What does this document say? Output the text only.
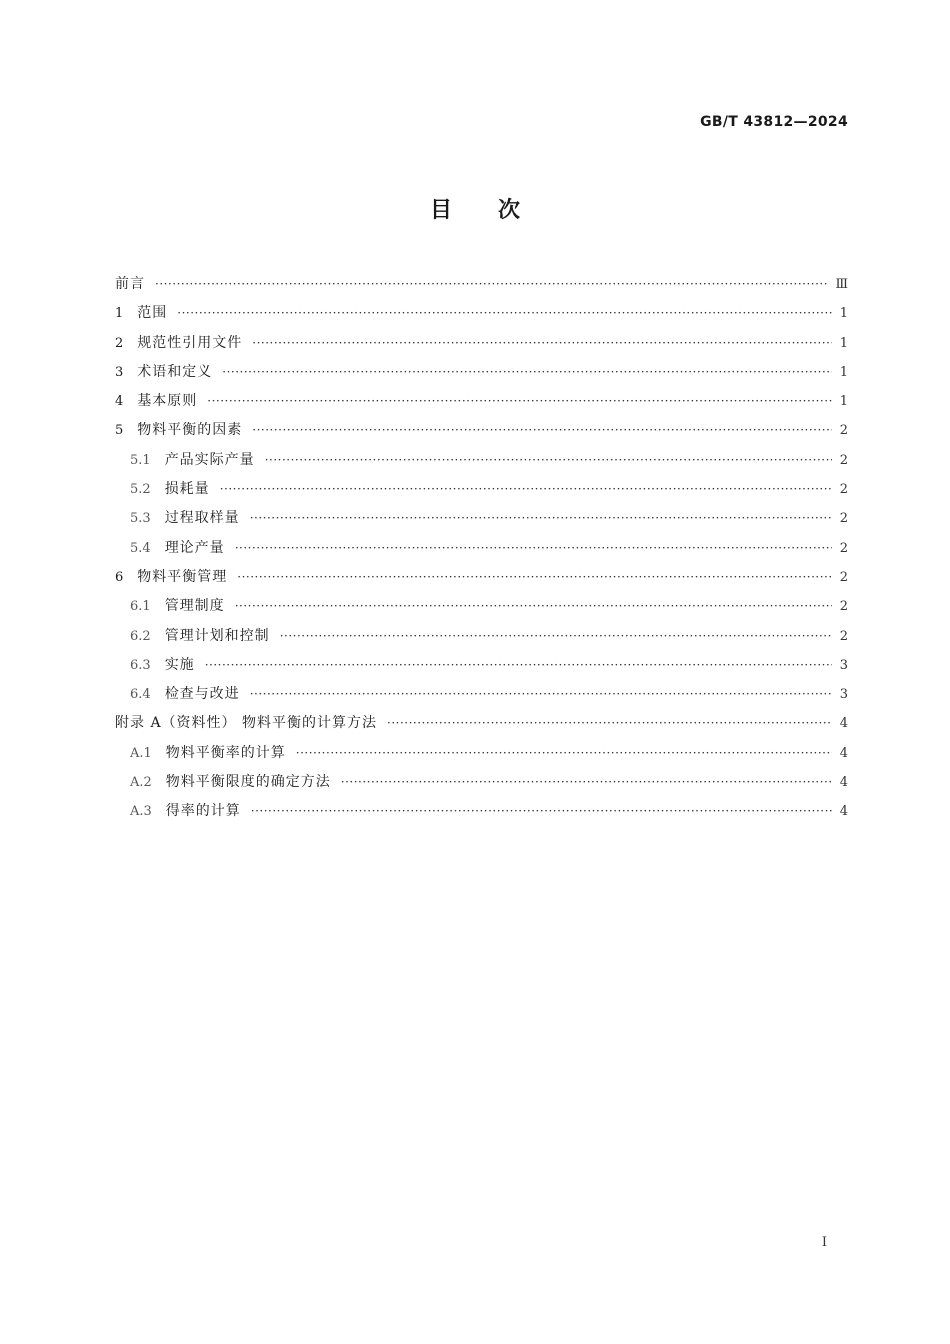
GB/T 43812—2024
目次
前言 ·····	Ⅲ
1 范围 ·····	1
2 规范性引用文件 ·····	1
3 术语和定义 ·····	1
4 基本原则 ·····	1
5 物料平衡的因素 ·····	2
5.1 产品实际产量 ·····	2
5.2 损耗量 ·····	2
5.3 过程取样量 ·····	2
5.4 理论产量 ·····	2
6 物料平衡管理 ·····	2
6.1 管理制度 ·····	2
6.2 管理计划和控制 ·····	2
6.3 实施 ·····	3
6.4 检查与改进 ·····	3
附录 A（资料性） 物料平衡的计算方法 ·····	4
A.1 物料平衡率的计算 ·····	4
A.2 物料平衡限度的确定方法 ·····	4
A.3 得率的计算 ·····	4
Ⅰ
